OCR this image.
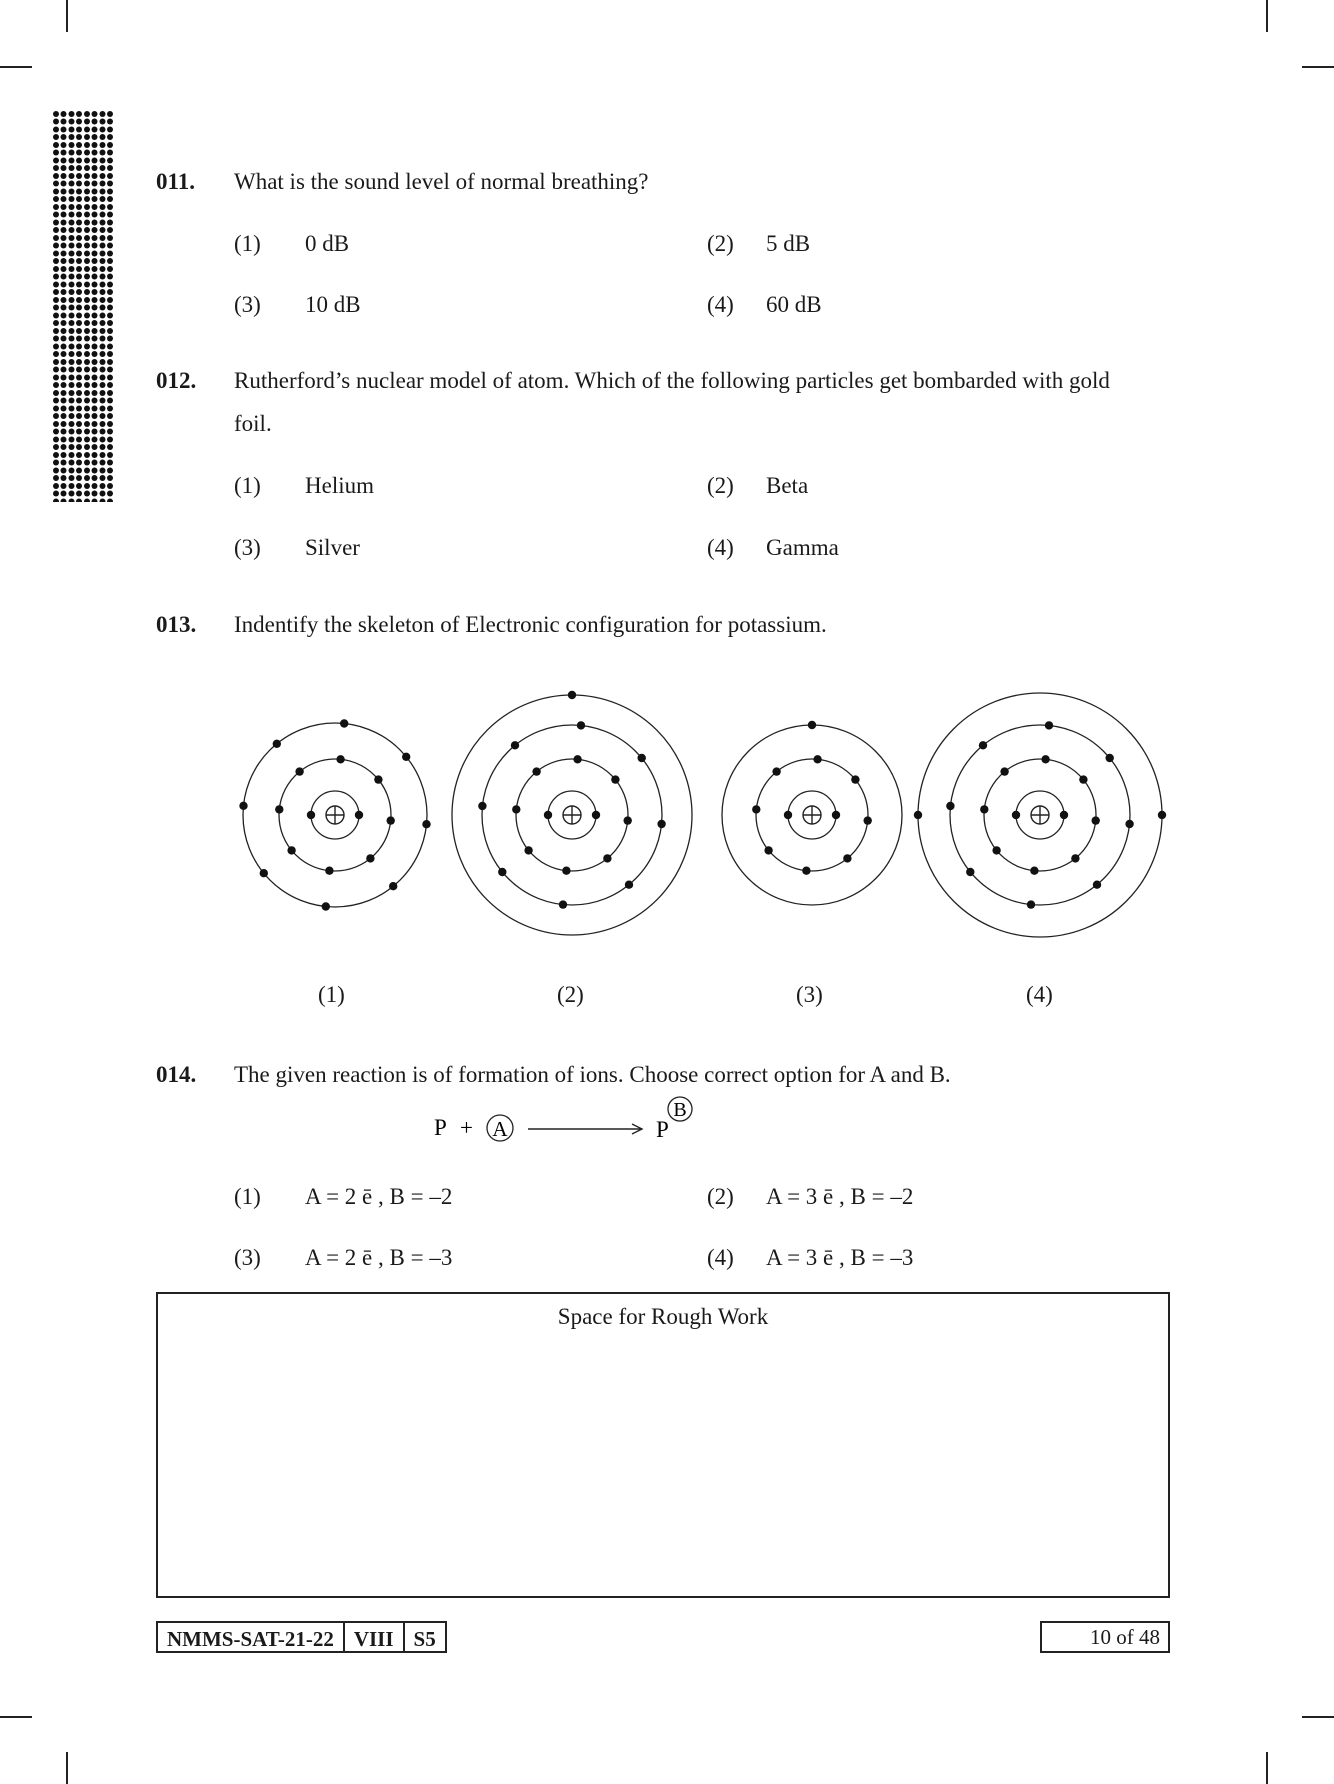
011. What is the sound level of normal breathing?
(1) 0 dB	(2) 5 dB
(3) 10 dB	(4) 60 dB
012. Rutherford’s nuclear model of atom. Which of the following particles get bombarded with gold
foil.
(1) Helium	(2) Beta
(3) Silver	(4) Gamma
013. Indentify the skeleton of Electronic configuration for potassium.
(1)	(2)	(3)	(4)
014. The given reaction is of formation of ions. Choose correct option for A and B.
P + A	P
B
(1) A = 2 ē , B = –2	(2) A = 3 ē , B = –2
(3) A = 2 ē , B = –3	(4) A = 3 ē , B = –3
Space for Rough Work
NMMS-SAT-21-22 VIII S5	10 of 48
